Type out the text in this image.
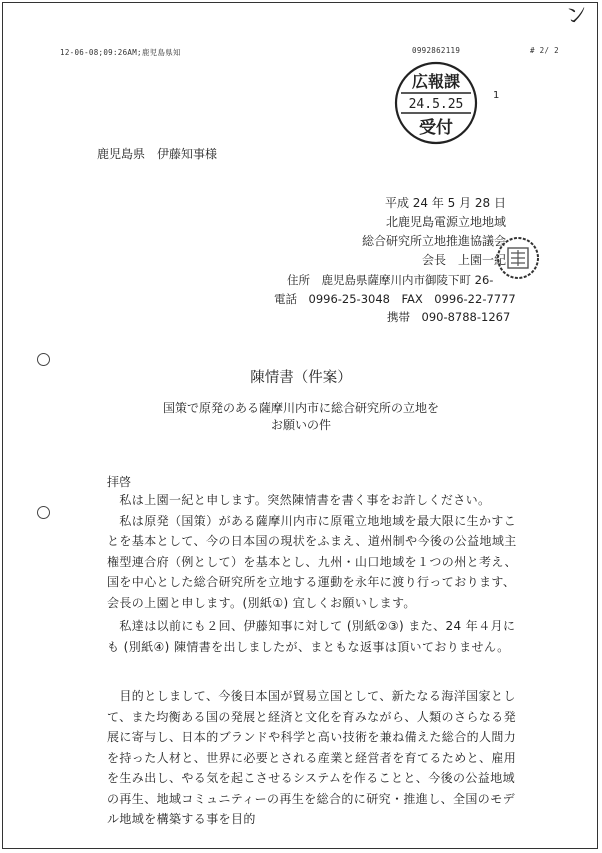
12-06-08;09:26AM;鹿児島県知	0992862119	# 2/ 2
ン
1
広報課
24.5.25
受付
鹿児島県　伊藤知事様
平成 24 年 5 月 28 日
北鹿児島電源立地地域
総合研究所立地推進協議会
会長　上園一紀
住所　鹿児島県薩摩川内市御陵下町 26-
電話　0996-25-3048　FAX　0996-22-7777
携帯　090-8788-1267
陳情書（件案）
国策で原発のある薩摩川内市に総合研究所の立地を
お願いの件
拝啓
　私は上園一紀と申します。突然陳情書を書く事をお許しください。
　私は原発（国策）がある薩摩川内市に原電立地地域を最大限に生かすことを基本として、今の日本国の現状をふまえ、道州制や今後の公益地域主権型連合府（例として）を基本とし、九州・山口地域を１つの州と考え、国を中心とした総合研究所を立地する運動を永年に渡り行っております、会長の上園と申します。(別紙①) 宜しくお願いします。
　私達は以前にも２回、伊藤知事に対して (別紙②③) また、24 年４月にも (別紙④) 陳情書を出しましたが、まともな返事は頂いておりません。
　目的としまして、今後日本国が貿易立国として、新たなる海洋国家として、また均衡ある国の発展と経済と文化を育みながら、人類のさらなる発展に寄与し、日本的ブランドや科学と高い技術を兼ね備えた総合的人間力を持った人材と、世界に必要とされる産業と経営者を育てるためと、雇用を生み出し、やる気を起こさせるシステムを作ることと、今後の公益地域の再生、地域コミュニティーの再生を総合的に研究・推進し、全国のモデル地域を構築する事を目的
